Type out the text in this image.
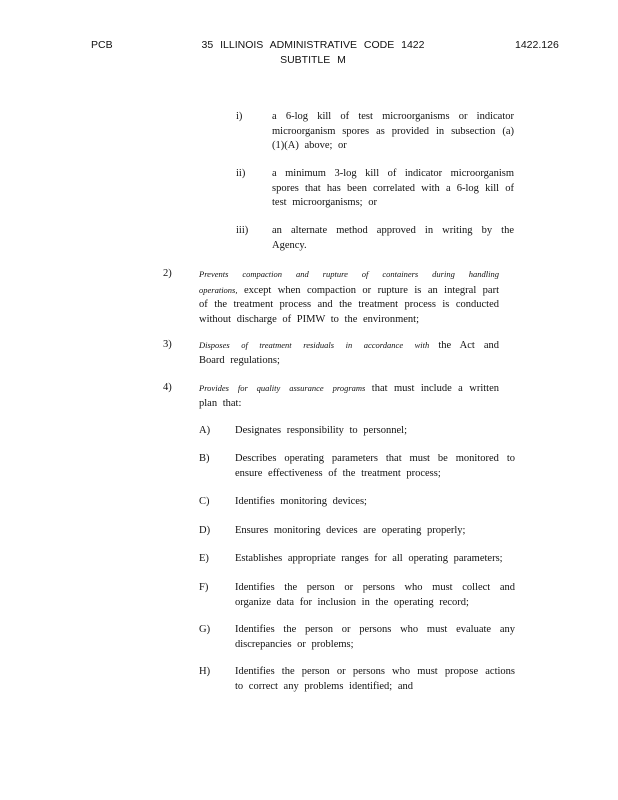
PCB	35 ILLINOIS ADMINISTRATIVE CODE 1422
SUBTITLE M
1422.126
i)	a 6-log kill of test microorganisms or indicator microorganism spores as provided in subsection (a)(1)(A) above; or
ii)	a minimum 3-log kill of indicator microorganism spores that has been correlated with a 6-log kill of test microorganisms; or
iii) an alternate method approved in writing by the Agency.
2)	Prevents compaction and rupture of containers during handling operations, except when compaction or rupture is an integral part of the treatment process and the treatment process is conducted without discharge of PIMW to the environment;
3)	Disposes of treatment residuals in accordance with the Act and Board regulations;
4)	Provides for quality assurance programs that must include a written plan that:
A) Designates responsibility to personnel;
B) Describes operating parameters that must be monitored to ensure effectiveness of the treatment process;
C) Identifies monitoring devices;
D) Ensures monitoring devices are operating properly;
E) Establishes appropriate ranges for all operating parameters;
F)	Identifies the person or persons who must collect and organize data for inclusion in the operating record;
G) Identifies the person or persons who must evaluate any discrepancies or problems;
H) Identifies the person or persons who must propose actions to correct any problems identified; and
